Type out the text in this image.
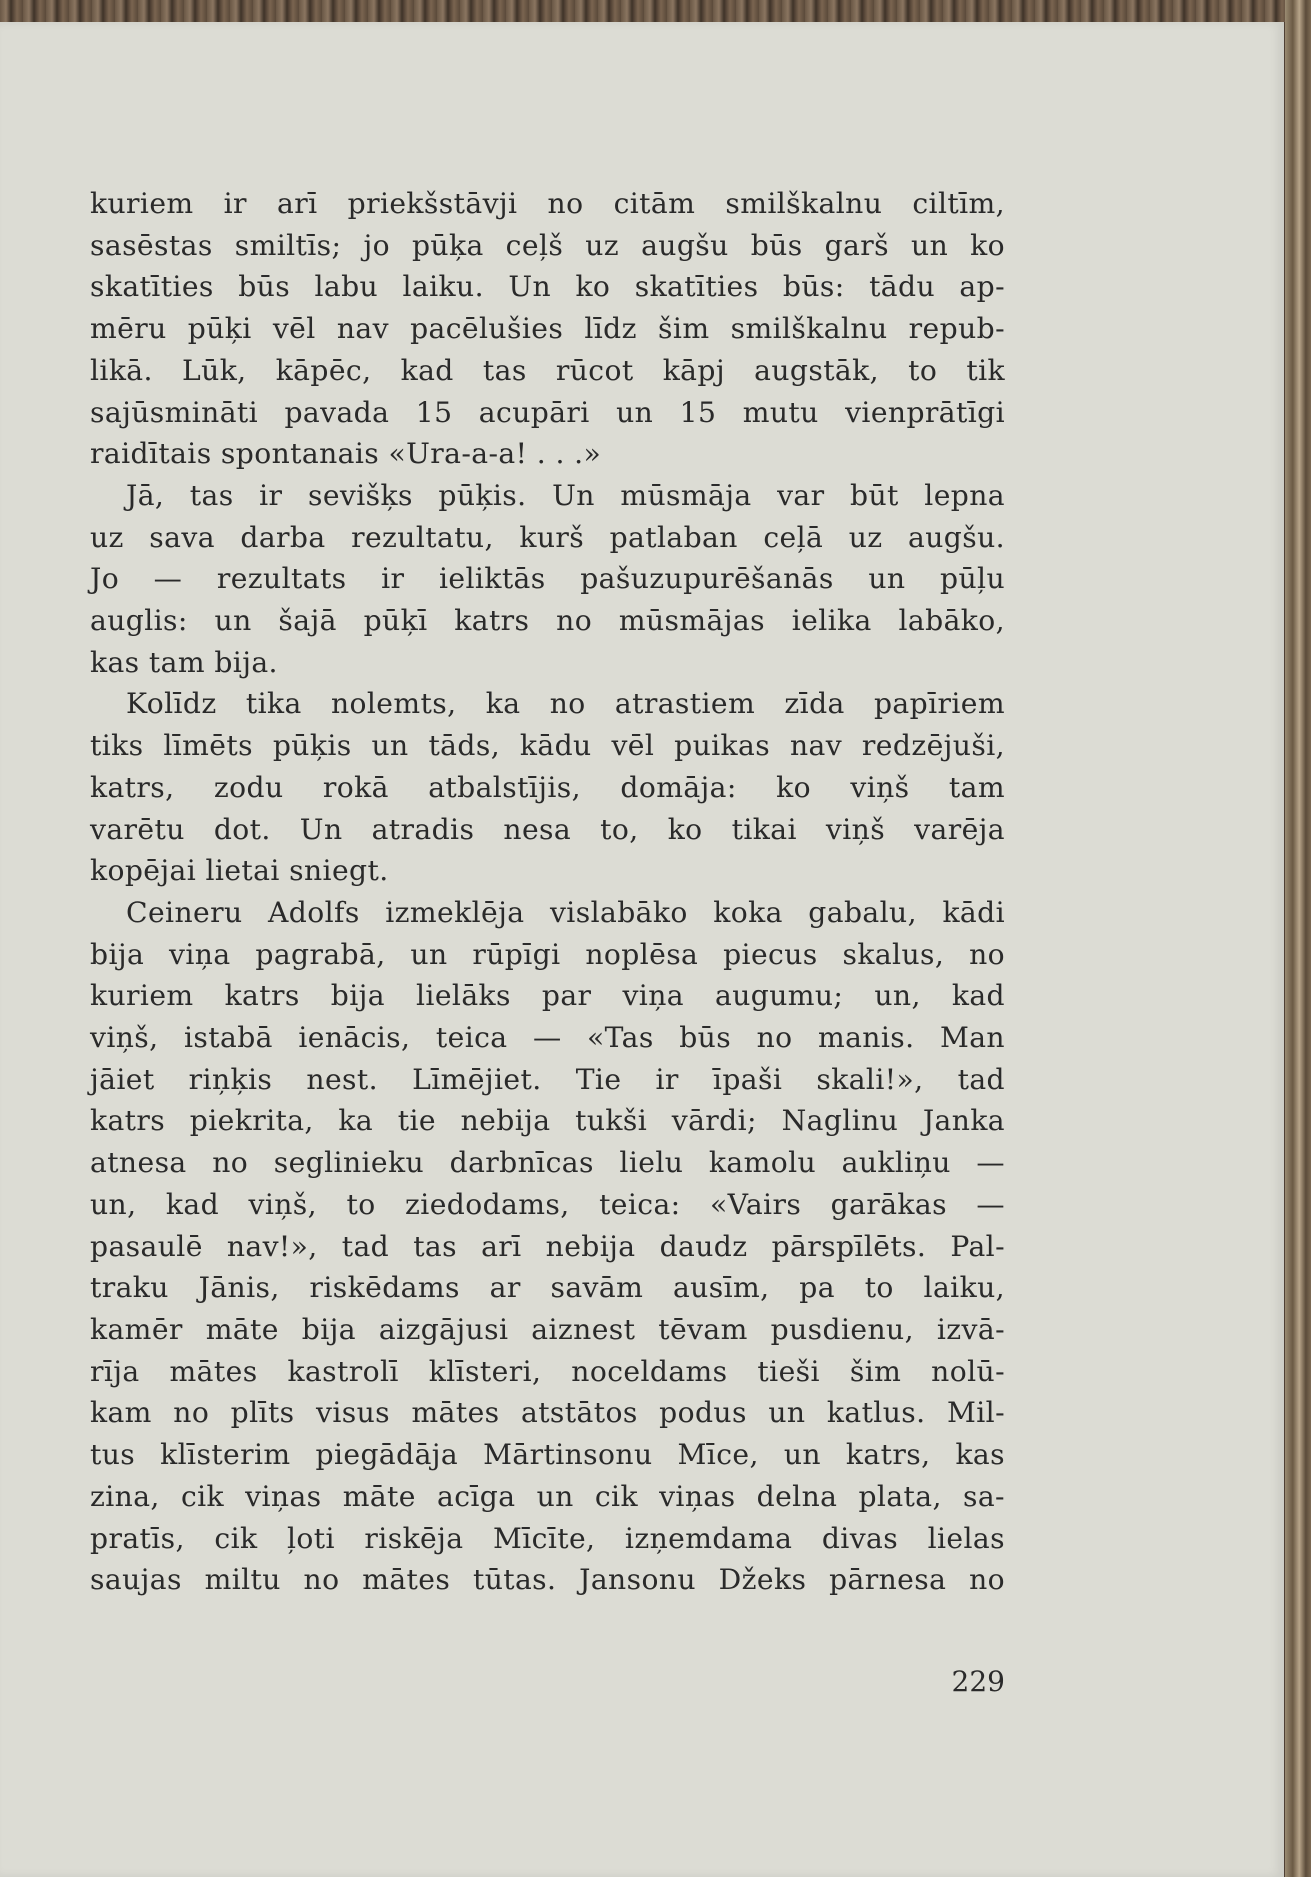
kuriem ir arī priekšstāvji no citām smilškalnu ciltīm,

sasēstas smiltīs; jo pūķa ceļš uz augšu būs garš un ko

skatīties būs labu laiku. Un ko skatīties būs: tādu ap-

mēru pūķi vēl nav pacēlušies līdz šim smilškalnu repub-

likā. Lūk, kāpēc, kad tas rūcot kāpj augstāk, to tik

sajūsmināti pavada 15 acupāri un 15 mutu vienprātīgi

raidītais spontanais «Ura-a-a! . . .»

Jā, tas ir sevišķs pūķis. Un mūsmāja var būt lepna

uz sava darba rezultatu, kurš patlaban ceļā uz augšu.

Jo — rezultats ir ieliktās pašuzupurēšanās un pūļu

auglis: un šajā pūķī katrs no mūsmājas ielika labāko,

kas tam bija.

Kolīdz tika nolemts, ka no atrastiem zīda papīriem

tiks līmēts pūķis un tāds, kādu vēl puikas nav redzējuši,

katrs, zodu rokā atbalstījis, domāja: ko viņš tam

varētu dot. Un atradis nesa to, ko tikai viņš varēja

kopējai lietai sniegt.

Ceineru Adolfs izmeklēja vislabāko koka gabalu, kādi

bija viņa pagrabā, un rūpīgi noplēsa piecus skalus, no

kuriem katrs bija lielāks par viņa augumu; un, kad

viņš, istabā ienācis, teica — «Tas būs no manis. Man

jāiet riņķis nest. Līmējiet. Tie ir īpaši skali!», tad

katrs piekrita, ka tie nebija tukši vārdi; Naglinu Janka

atnesa no seglinieku darbnīcas lielu kamolu aukliņu —

un, kad viņš, to ziedodams, teica: «Vairs garākas —

pasaulē nav!», tad tas arī nebija daudz pārspīlēts. Pal-

traku Jānis, riskēdams ar savām ausīm, pa to laiku,

kamēr māte bija aizgājusi aiznest tēvam pusdienu, izvā-

rīja mātes kastrolī klīsteri, noceldams tieši šim nolū-

kam no plīts visus mātes atstātos podus un katlus. Mil-

tus klīsterim piegādāja Mārtinsonu Mīce, un katrs, kas

zina, cik viņas māte acīga un cik viņas delna plata, sa-

pratīs, cik ļoti riskēja Mīcīte, izņemdama divas lielas

saujas miltu no mātes tūtas. Jansonu Džeks pārnesa no

229
